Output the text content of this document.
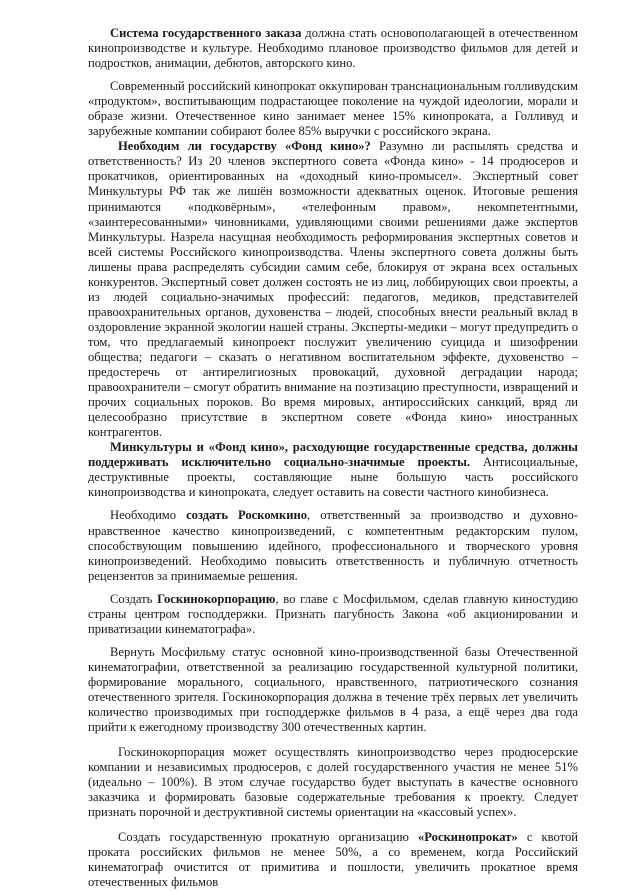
Система государственного заказа должна стать основополагающей в отечественном кинопроизводстве и культуре. Необходимо плановое производство фильмов для детей и подростков, анимации, дебютов, авторского кино.

Современный российский кинопрокат оккупирован транснациональным голливудским «продуктом», воспитывающим подрастающее поколение на чуждой идеологии, морали и образе жизни. Отечественное кино занимает менее 15% кинопроката, а Голливуд и зарубежные компании собирают более 85% выручки с российского экрана.

Необходим ли государству «Фонд кино»? Разумно ли распылять средства и ответственность? Из 20 членов экспертного совета «Фонда кино» - 14 продюсеров и прокатчиков, ориентированных на «доходный кино-промысел». Экспертный совет Минкультуры РФ так же лишён возможности адекватных оценок. Итоговые решения принимаются «подковёрным», «телефонным правом», некомпетентными, «заинтересованными» чиновниками, удивляющими своими решениями даже экспертов Минкультуры. Назрела насущная необходимость реформирования экспертных советов и всей системы Российского кинопроизводства. Члены экспертного совета должны быть лишены права распределять субсидии самим себе, блокируя от экрана всех остальных конкурентов. Экспертный совет должен состоять не из лиц, лоббирующих свои проекты, а из людей социально-значимых профессий: педагогов, медиков, представителей правоохранительных органов, духовенства – людей, способных внести реальный вклад в оздоровление экранной экологии нашей страны. Эксперты-медики – могут предупредить о том, что предлагаемый кинопроект послужит увеличению суицида и шизофрении общества; педагоги – сказать о негативном воспитательном эффекте, духовенство – предостеречь от антирелигиозных провокаций, духовной деградации народа; правоохранители – смогут обратить внимание на поэтизацию преступности, извращений и прочих социальных пороков. Во время мировых, антироссийских санкций, вряд ли целесообразно присутствие в экспертном совете «Фонда кино» иностранных контрагентов.

Минкультуры и «Фонд кино», расходующие государственные средства, должны поддерживать исключительно социально-значимые проекты. Антисоциальные, деструктивные проекты, составляющие ныне большую часть российского кинопроизводства и кинопроката, следует оставить на совести частного кинобизнеса.

Необходимо создать Роскомкино, ответственный за производство и духовно-нравственное качество кинопроизведений, с компетентным редакторским пулом, способствующим повышению идейного, профессионального и творческого уровня кинопроизведений. Необходимо повысить ответственность и публичную отчетность рецензентов за принимаемые решения.

Создать Госкинокорпорацию, во главе с Мосфильмом, сделав главную киностудию страны центром господдержки. Признать пагубность Закона «об акционировании и приватизации кинематографа».

Вернуть Мосфильму статус основной кино-производственной базы Отечественной кинематографии, ответственной за реализацию государственной культурной политики, формирование морального, социального, нравственного, патриотического сознания отечественного зрителя. Госкинокорпорация должна в течение трёх первых лет увеличить количество производимых при господдержке фильмов в 4 раза, а ещё через два года прийти к ежегодному производству 300 отечественных картин.

Госкинокорпорация может осуществлять кинопроизводство через продюсерские компании и независимых продюсеров, с долей государственного участия не менее 51% (идеально – 100%). В этом случае государство будет выступать в качестве основного заказчика и формировать базовые содержательные требования к проекту. Следует признать порочной и деструктивной системы ориентации на «кассовый успех».

Создать государственную прокатную организацию «Роскинопрокат» с квотой проката российских фильмов не менее 50%, а со временем, когда Российский кинематограф очистится от примитива и пошлости, увеличить прокатное время отечественных фильмов
